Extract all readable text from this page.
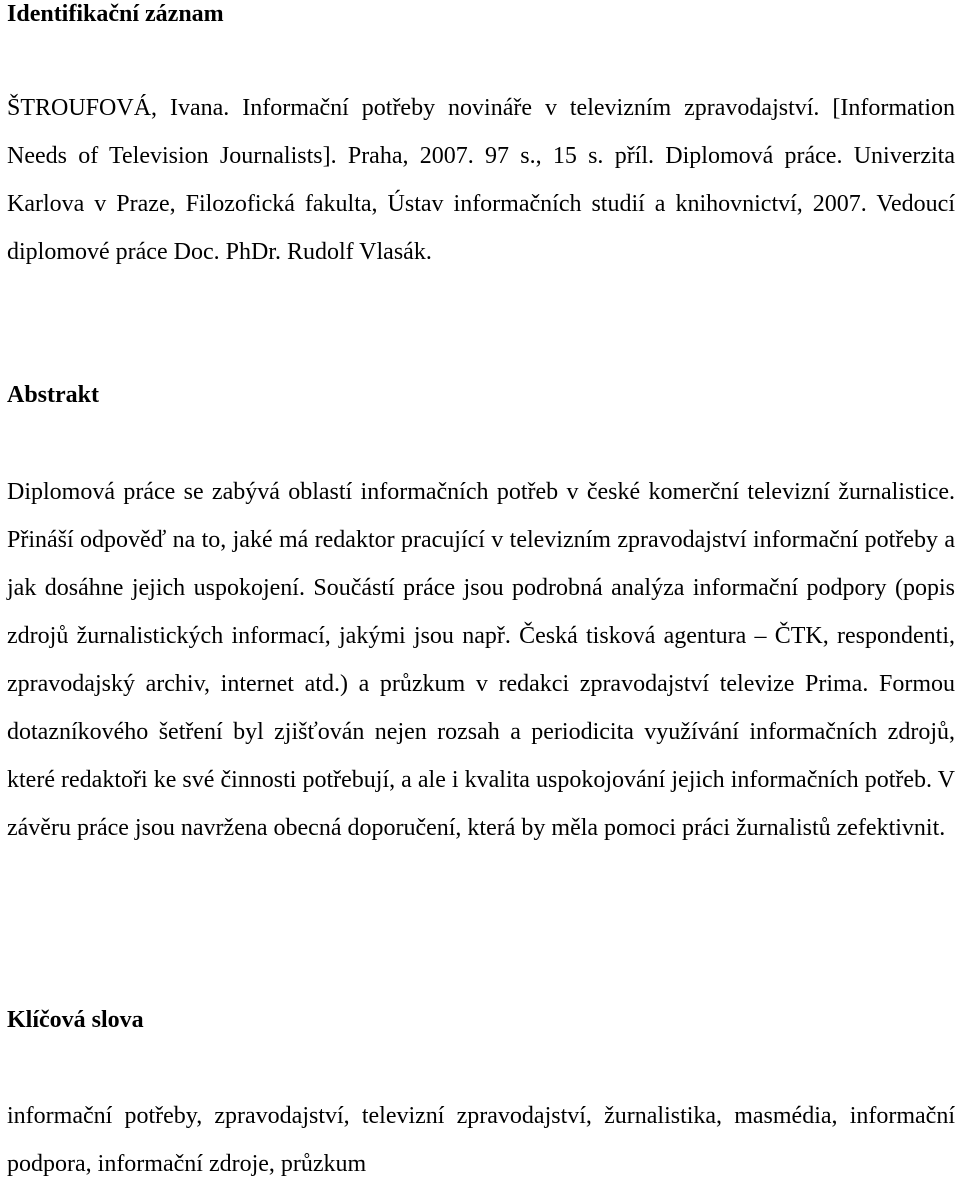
Identifikační záznam

ŠTROUFOVÁ, Ivana. Informační potřeby novináře v televizním zpravodajství. [Information Needs of Television Journalists]. Praha, 2007. 97 s., 15 s. příl. Diplomová práce. Univerzita Karlova v Praze, Filozofická fakulta, Ústav informačních studií a knihovnictví, 2007. Vedoucí diplomové práce Doc. PhDr. Rudolf Vlasák.

Abstrakt

Diplomová práce se zabývá oblastí informačních potřeb v české komerční televizní žurnalistice. Přináší odpověď na to, jaké má redaktor pracující v televizním zpravodajství informační potřeby a jak dosáhne jejich uspokojení. Součástí práce jsou podrobná analýza informační podpory (popis zdrojů žurnalistických informací, jakými jsou např. Česká tisková agentura – ČTK, respondenti, zpravodajský archiv, internet atd.) a průzkum v redakci zpravodajství televize Prima. Formou dotazníkového šetření byl zjišťován nejen rozsah a periodicita využívání informačních zdrojů, které redaktoři ke své činnosti potřebují, a ale i kvalita uspokojování jejich informačních potřeb. V závěru práce jsou navržena obecná doporučení, která by měla pomoci práci žurnalistů zefektivnit.

Klíčová slova

informační potřeby, zpravodajství, televizní zpravodajství, žurnalistika, masmédia, informační podpora, informační zdroje, průzkum
